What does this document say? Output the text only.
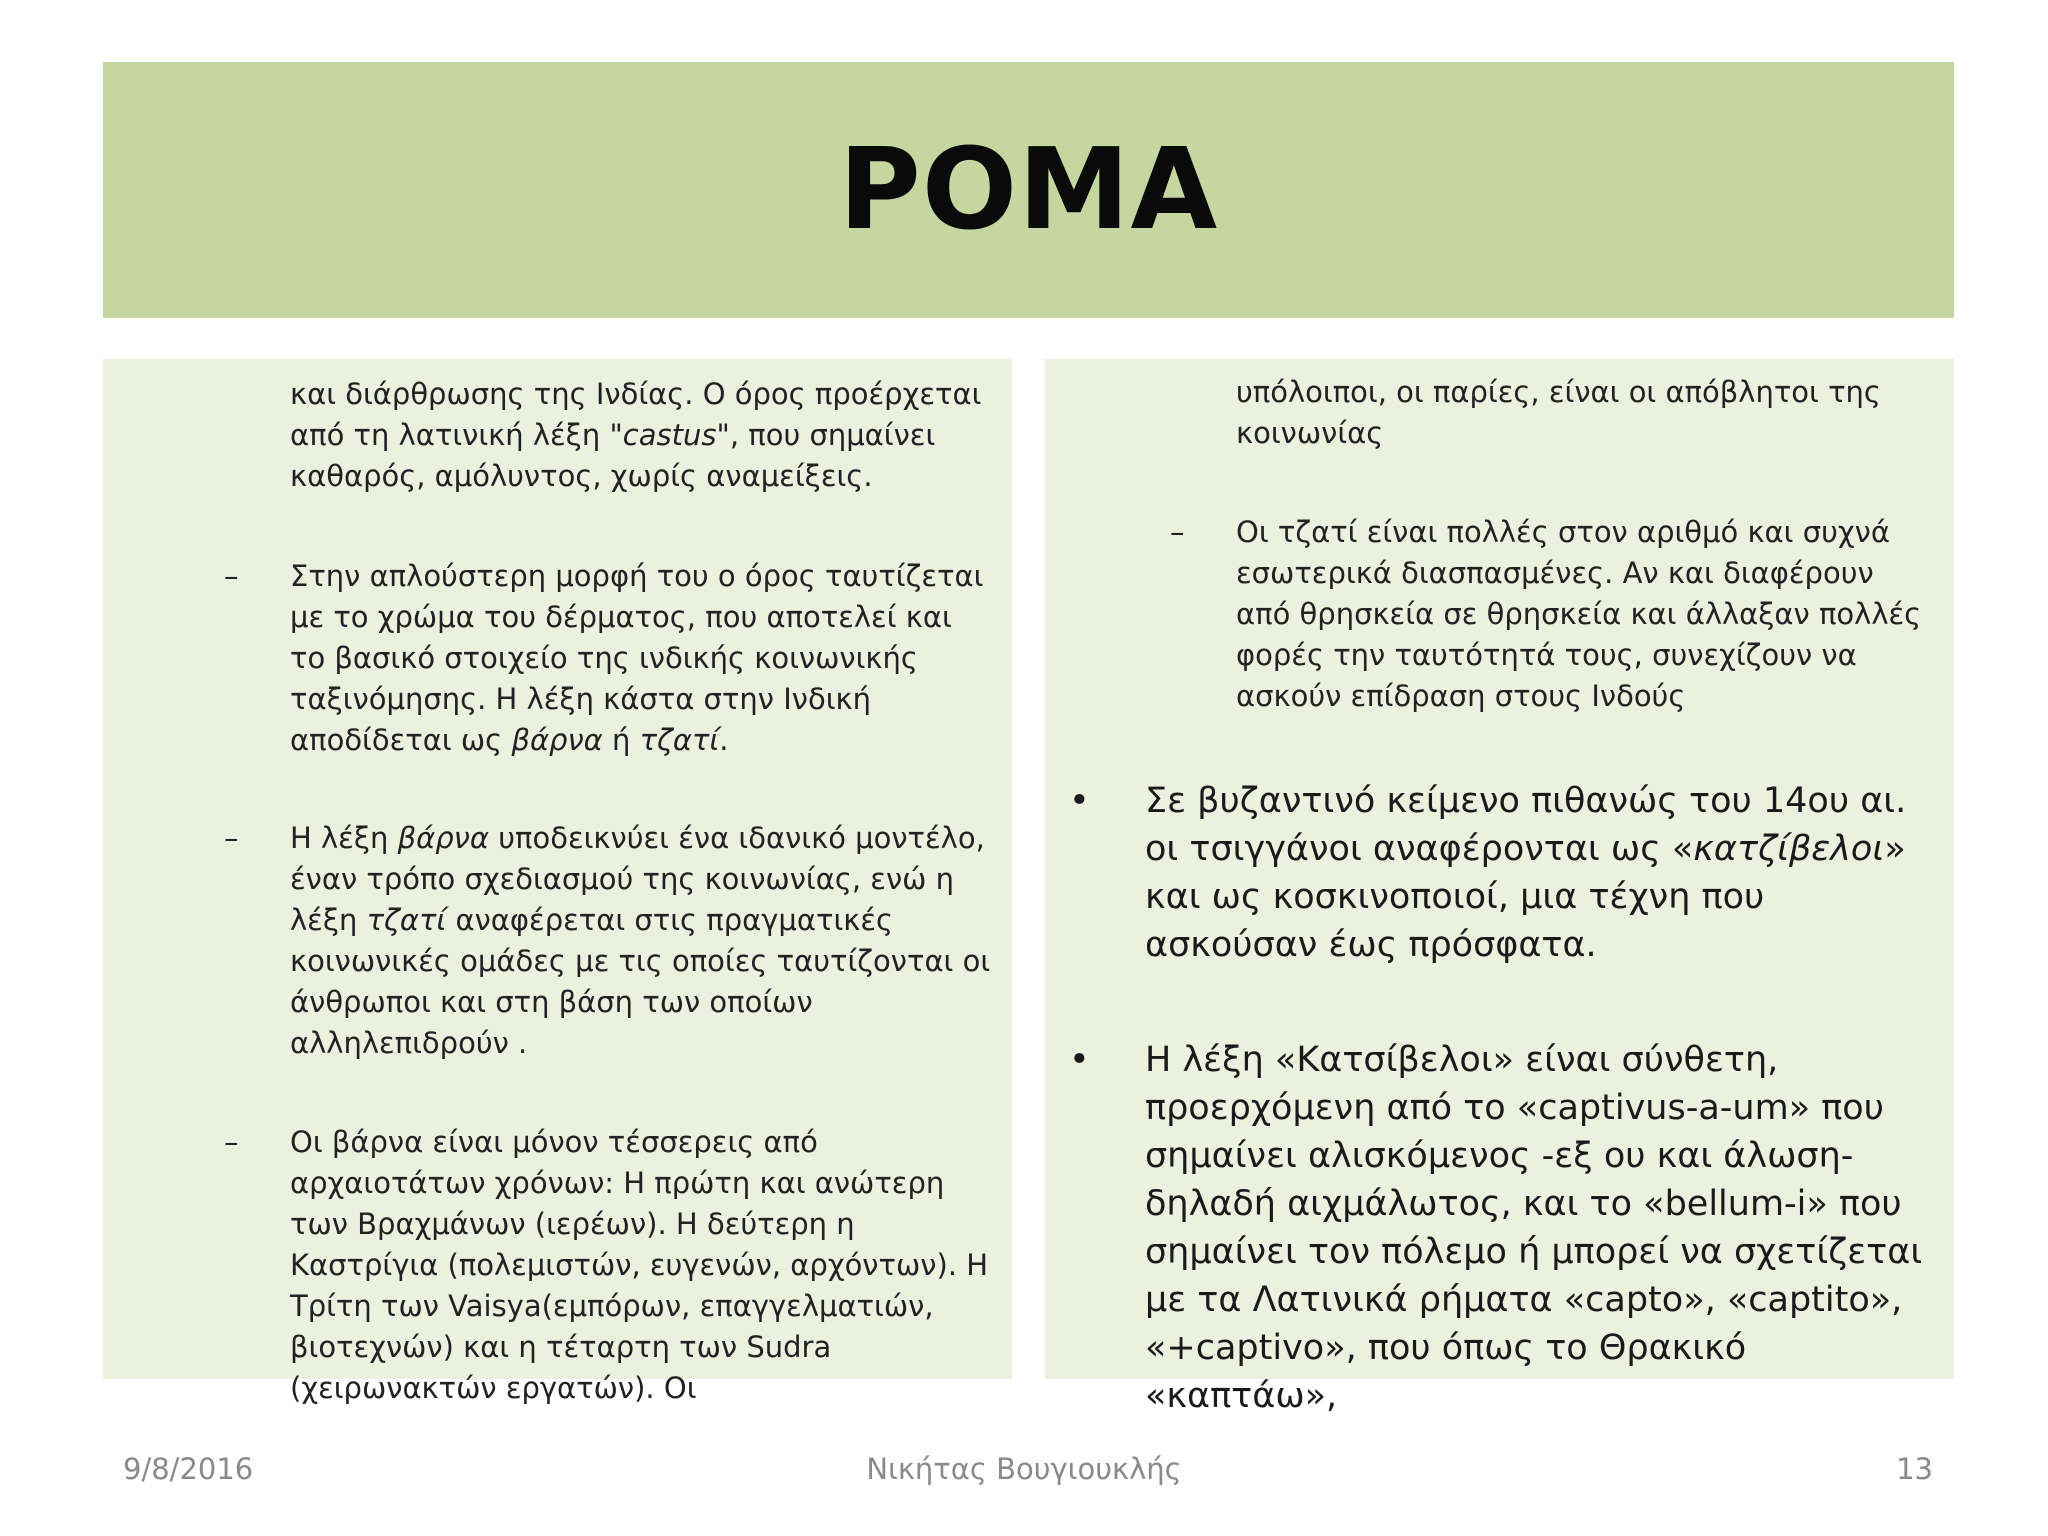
ΡΟΜΑ
και διάρθρωσης της Ινδίας. Ο όρος προέρχεται από τη λατινική λέξη "castus", που σημαίνει καθαρός, αμόλυντος, χωρίς αναμείξεις.
– Στην απλούστερη μορφή του ο όρος ταυτίζεται με το χρώμα του δέρματος, που αποτελεί και το βασικό στοιχείο της ινδικής κοινωνικής ταξινόμησης. Η λέξη κάστα στην Ινδική αποδίδεται ως βάρνα ή τζατί.
– Η λέξη βάρνα υποδεικνύει ένα ιδανικό μοντέλο, έναν τρόπο σχεδιασμού της κοινωνίας, ενώ η λέξη τζατί αναφέρεται στις πραγματικές κοινωνικές ομάδες με τις οποίες ταυτίζονται οι άνθρωποι και στη βάση των οποίων αλληλεπιδρούν .
– Οι βάρνα είναι μόνον τέσσερεις από αρχαιοτάτων χρόνων: Η πρώτη και ανώτερη των Βραχμάνων (ιερέων). Η δεύτερη η Καστρίγια (πολεμιστών, ευγενών, αρχόντων). Η Τρίτη των Vaisya(εμπόρων, επαγγελματιών, βιοτεχνών) και η τέταρτη των Sudra (χειρωνακτών εργατών). Οι
υπόλοιποι, οι παρίες, είναι οι απόβλητοι της κοινωνίας
– Οι τζατί είναι πολλές στον αριθμό και συχνά εσωτερικά διασπασμένες. Αν και διαφέρουν από θρησκεία σε θρησκεία και άλλαξαν πολλές φορές την ταυτότητά τους, συνεχίζουν να ασκούν επίδραση στους Ινδούς
• Σε βυζαντινό κείμενο πιθανώς του 14ου αι. οι τσιγγάνοι αναφέρονται ως «κατζίβελοι» και ως κοσκινοποιοί, μια τέχνη που ασκούσαν έως πρόσφατα.
• Η λέξη «Κατσίβελοι» είναι σύνθετη, προερχόμενη από το «captivus-a-um» που σημαίνει αλισκόμενος -εξ ου και άλωση- δηλαδή αιχμάλωτος, και το «bellum-i» που σημαίνει τον πόλεμο ή μπορεί να σχετίζεται με τα Λατινικά ρήματα «capto», «captito», «+captivo», που όπως το Θρακικό «καπτάω»,
9/8/2016	Νικήτας Βουγιουκλής	13
